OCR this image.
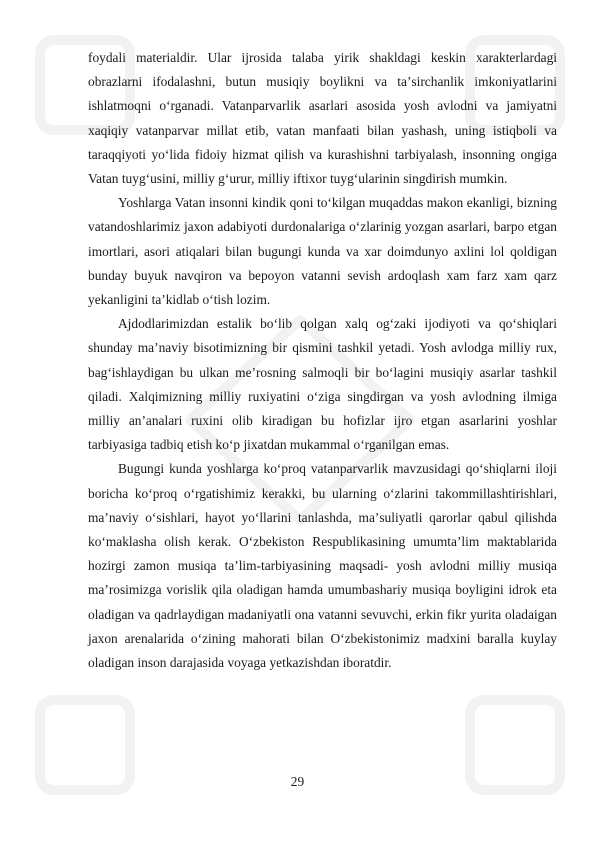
foydali materialdir. Ular ijrosida talaba yirik shakldagi keskin xarakterlardagi obrazlarni ifodalashni, butun musiqiy boylikni va taʼsirchanlik imkoniyatlarini ishlatmoqni oʻrganadi. Vatanparvarlik asarlari asosida yosh avlodni va jamiyatni xaqiqiy vatanparvar millat etib, vatan manfaati bilan yashash, uning istiqboli va taraqqiyoti yoʻlida fidoiy hizmat qilish va kurashishni tarbiyalash, insonning ongiga Vatan tuygʻusini, milliy gʻurur, milliy iftixor tuygʻularinin singdirish mumkin.

Yoshlarga Vatan insonni kindik qoni toʻkilgan muqaddas makon ekanligi, bizning vatandoshlarimiz jaxon adabiyoti durdonalariga oʻzlarinig yozgan asarlari, barpo etgan imortlari, asori atiqalari bilan bugungi kunda va xar doimdunyo axlini lol qoldigan bunday buyuk navqiron va bepoyon vatanni sevish ardoqlash xam farz xam qarz yekanligini taʼkidlab oʻtish lozim.

Ajdodlarimizdan estalik boʻlib qolgan xalq ogʻzaki ijodiyoti va qoʻshiqlari shunday maʼnaviy bisotimizning bir qismini tashkil yetadi. Yosh avlodga milliy rux, bagʻishlaydigan bu ulkan meʼrosning salmoqli bir boʻlagini musiqiy asarlar tashkil qiladi. Xalqimizning milliy ruxiyatini oʻziga singdirgan va yosh avlodning ilmiga milliy anʼanalari ruxini olib kiradigan bu hofizlar ijro etgan asarlarini yoshlar tarbiyasiga tadbiq etish koʻp jixatdan mukammal oʻrganilgan emas.

Bugungi kunda yoshlarga koʻproq vatanparvarlik mavzusidagi qoʻshiqlarni iloji boricha koʻproq oʻrgatishimiz kerakki, bu ularning oʻzlarini takommillashtirishlari, maʼnaviy oʻsishlari, hayot yoʻllarini tanlashda, maʼsuliyatli qarorlar qabul qilishda koʻmaklasha olish kerak. Oʻzbekiston Respublikasining umumtaʼlim maktablarida hozirgi zamon musiqa taʼlim-tarbiyasining maqsadi- yosh avlodni milliy musiqa maʼrosimizga vorislik qila oladigan hamda umumbashariy musiqa boyligini idrok eta oladigan va qadrlaydigan madaniyatli ona vatanni sevuvchi, erkin fikr yurita oladaigan jaxon arenalarida oʻzining mahorati bilan Oʻzbekistonimiz madxini baralla kuylay oladigan inson darajasida voyaga yetkazishdan iboratdir.

29
